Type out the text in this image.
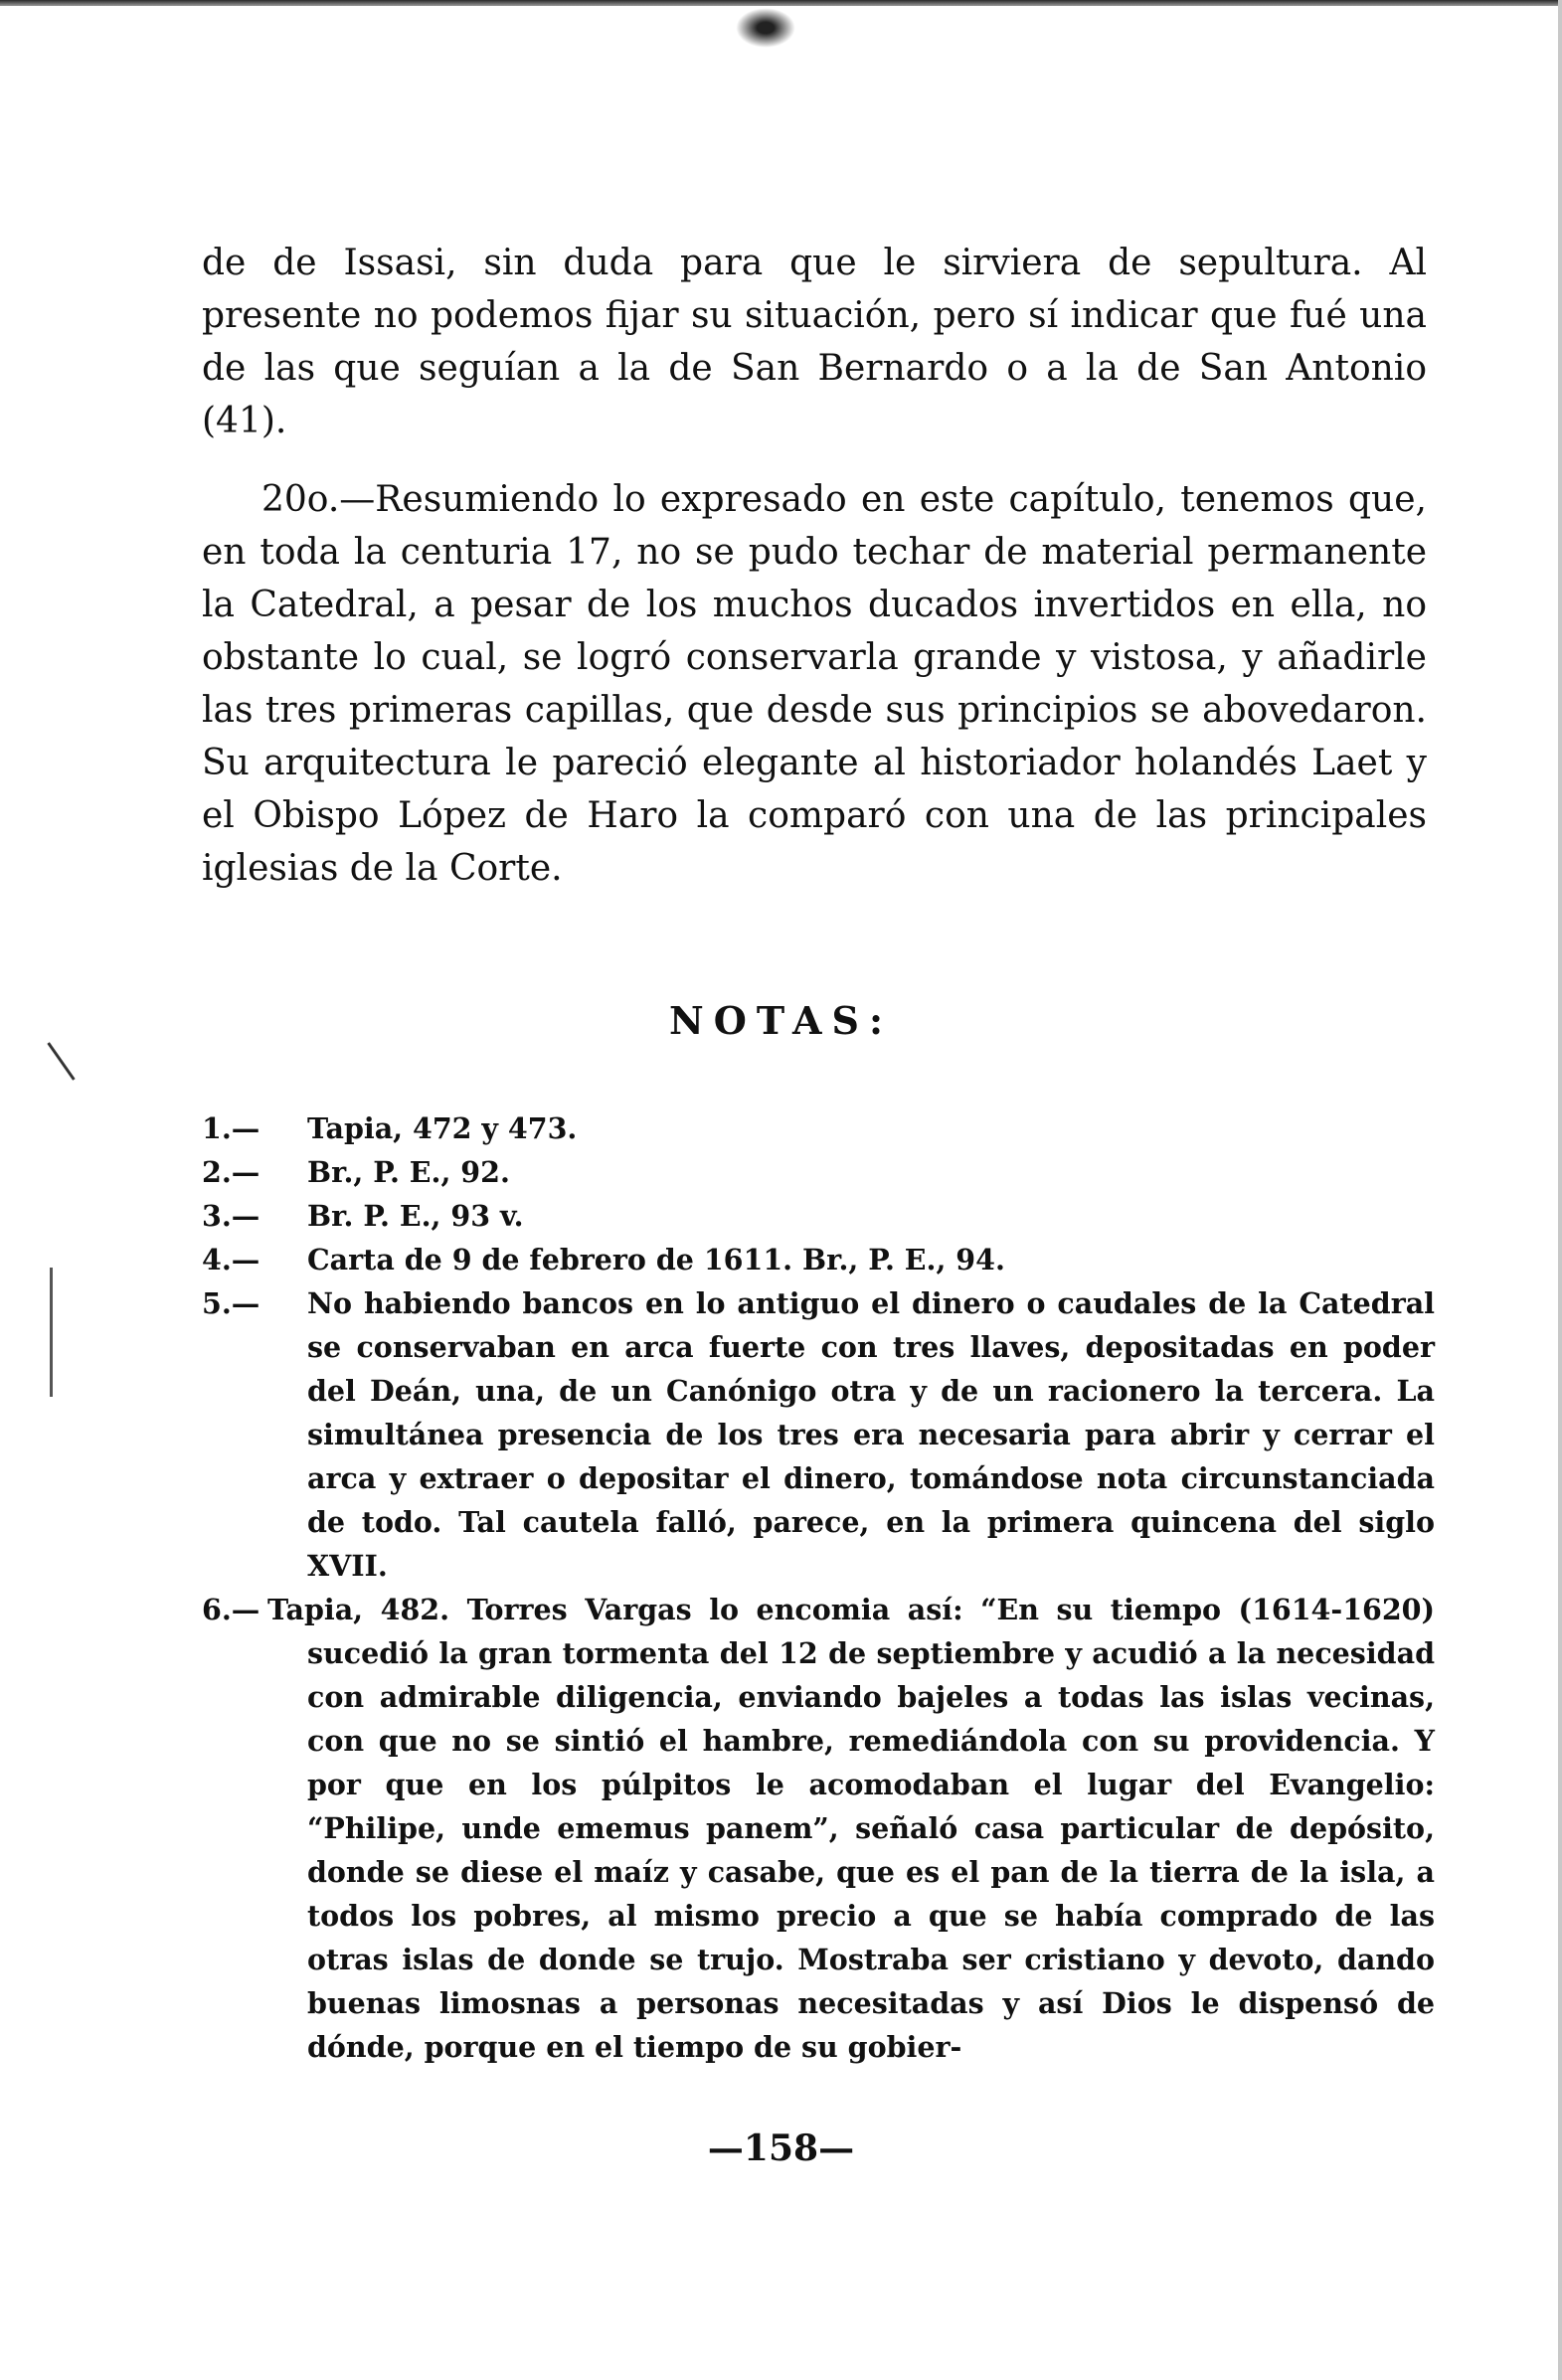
de de Issasi, sin duda para que le sirviera de sepultura. Al presente no podemos fijar su situación, pero sí indicar que fué una de las que seguían a la de San Bernardo o a la de San Antonio (41).

20o.—Resumiendo lo expresado en este capítulo, tenemos que, en toda la centuria 17, no se pudo techar de material permanente la Catedral, a pesar de los muchos ducados invertidos en ella, no obstante lo cual, se logró conservarla grande y vistosa, y añadirle las tres primeras capillas, que desde sus principios se abovedaron. Su arquitectura le pareció elegante al historiador holandés Laet y el Obispo López de Haro la comparó con una de las principales iglesias de la Corte.

NOTAS:
1.—	Tapia, 472 y 473.
2.—	Br., P. E., 92.
3.—	Br. P. E., 93 v.
4.—	Carta de 9 de febrero de 1611. Br., P. E., 94.
5.—	No habiendo bancos en lo antiguo el dinero o caudales de la Catedral se conservaban en arca fuerte con tres llaves, depositadas en poder del Deán, una, de un Canónigo otra y de un racionero la tercera. La simultánea presencia de los tres era necesaria para abrir y cerrar el arca y extraer o depositar el dinero, tomándose nota circunstanciada de todo. Tal cautela falló, parece, en la primera quincena del siglo XVII.
6.— Tapia, 482. Torres Vargas lo encomia así: “En su tiempo (1614-1620) sucedió la gran tormenta del 12 de septiembre y acudió a la necesidad con admirable diligencia, enviando bajeles a todas las islas vecinas, con que no se sintió el hambre, remediándola con su providencia. Y por que en los púlpitos le acomodaban el lugar del Evangelio: “Philipe, unde ememus panem”, señaló casa particular de depósito, donde se diese el maíz y casabe, que es el pan de la tierra de la isla, a todos los pobres, al mismo precio a que se había comprado de las otras islas de donde se trujo. Mostraba ser cristiano y devoto, dando buenas limosnas a personas necesitadas y así Dios le dispensó de dónde, porque en el tiempo de su gobier-

—158—
